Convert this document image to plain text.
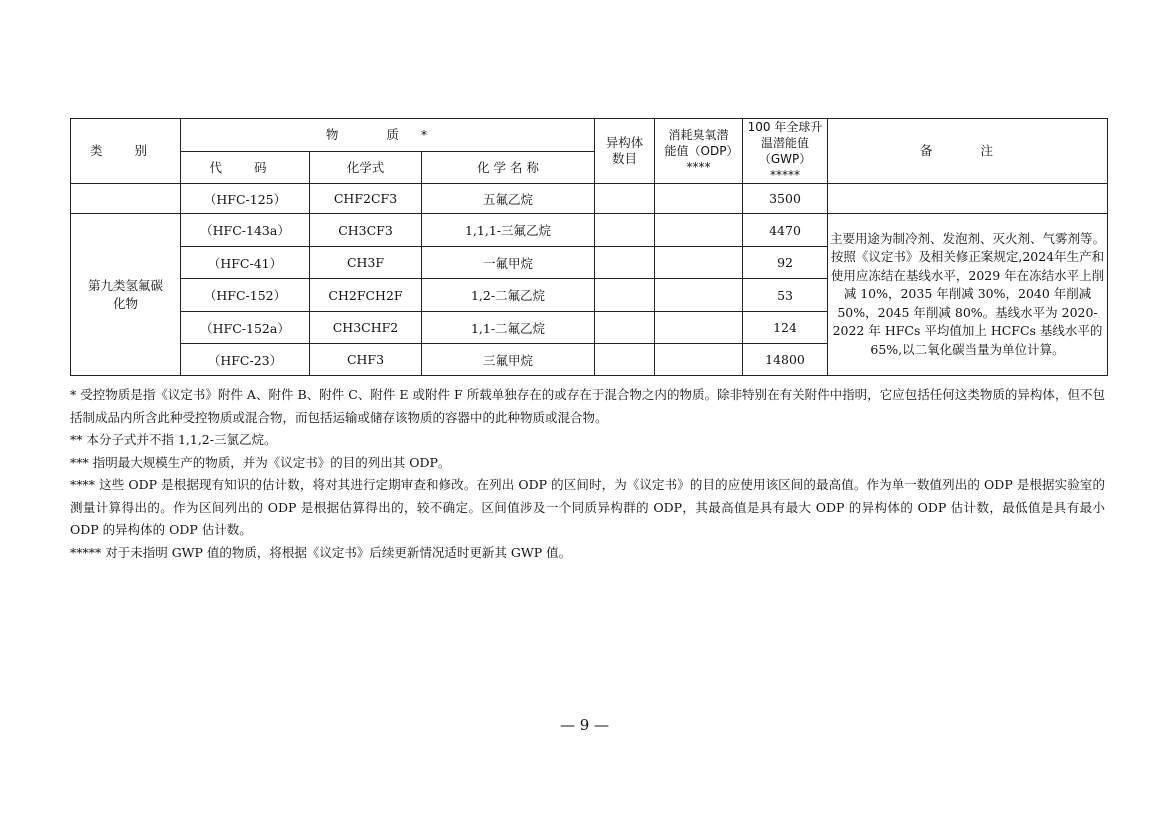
类 别	物 质*			异构体数目	消耗臭氧潜能值（ODP）****	100 年全球升温潜能值（GWP）*****	备 注
	代 码	化学式	化 学 名 称				
	（HFC-125）	CHF2CF3	五氟乙烷			3500	

第九类氢氟碳化物	（HFC-143a）	CH3CF3	1,1,1-三氟乙烷			4470	主要用途为制冷剂、发泡剂、灭火剂、气雾剂等。按照《议定书》及相关修正案规定,2024年生产和使用应冻结在基线水平，2029 年在冻结水平上削减 10%，2035 年削减 30%，2040 年削减 50%，2045 年削减 80%。基线水平为 2020-2022 年 HFCs 平均值加上 HCFCs 基线水平的 65%,以二氧化碳当量为单位计算。
	（HFC-41）	CH3F	一氟甲烷			92	
	（HFC-152）	CH2FCH2F	1,2-二氟乙烷			53	
	（HFC-152a）	CH3CHF2	1,1-二氟乙烷			124	
	（HFC-23）	CHF3	三氟甲烷			14800	

* 受控物质是指《议定书》附件 A、附件 B、附件 C、附件 E 或附件 F 所载单独存在的或存在于混合物之内的物质。除非特别在有关附件中指明，它应包括任何这类物质的异构体，但不包括制成品内所含此种受控物质或混合物，而包括运输或储存该物质的容器中的此种物质或混合物。

** 本分子式并不指 1,1,2-三氯乙烷。

*** 指明最大规模生产的物质，并为《议定书》的目的列出其 ODP。

**** 这些 ODP 是根据现有知识的估计数，将对其进行定期审查和修改。在列出 ODP 的区间时，为《议定书》的目的应使用该区间的最高值。作为单一数值列出的 ODP 是根据实验室的测量计算得出的。作为区间列出的 ODP 是根据估算得出的，较不确定。区间值涉及一个同质异构群的 ODP，其最高值是具有最大 ODP 的异构体的 ODP 估计数，最低值是具有最小 ODP 的异构体的 ODP 估计数。

***** 对于未指明 GWP 值的物质，将根据《议定书》后续更新情况适时更新其 GWP 值。

— 9 —
